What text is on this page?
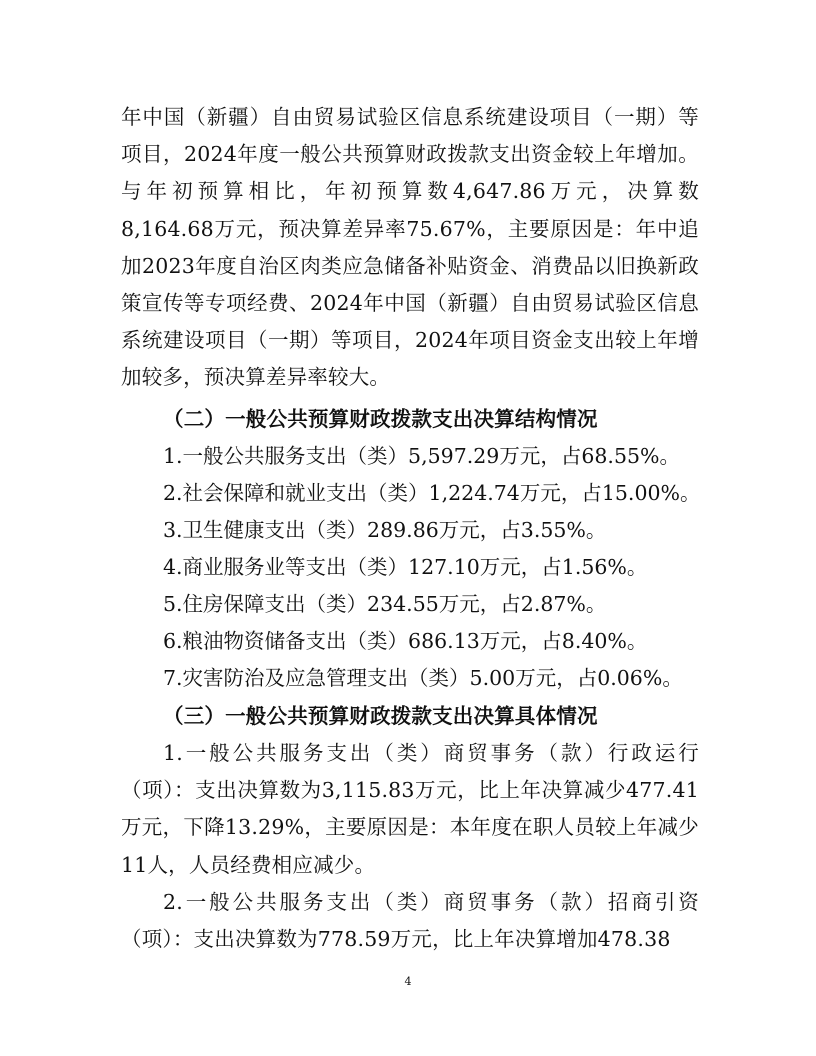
年中国（新疆）自由贸易试验区信息系统建设项目（一期）等项目，2024年度一般公共预算财政拨款支出资金较上年增加。与年初预算相比，年初预算数4,647.86万元，决算数8,164.68万元，预决算差异率75.67%，主要原因是：年中追加2023年度自治区肉类应急储备补贴资金、消费品以旧换新政策宣传等专项经费、2024年中国（新疆）自由贸易试验区信息系统建设项目（一期）等项目，2024年项目资金支出较上年增加较多，预决算差异率较大。

（二）一般公共预算财政拨款支出决算结构情况

1.一般公共服务支出（类）5,597.29万元，占68.55%。
2.社会保障和就业支出（类）1,224.74万元，占15.00%。
3.卫生健康支出（类）289.86万元，占3.55%。
4.商业服务业等支出（类）127.10万元，占1.56%。
5.住房保障支出（类）234.55万元，占2.87%。
6.粮油物资储备支出（类）686.13万元，占8.40%。
7.灾害防治及应急管理支出（类）5.00万元，占0.06%。

（三）一般公共预算财政拨款支出决算具体情况

1.一般公共服务支出（类）商贸事务（款）行政运行（项）：支出决算数为3,115.83万元，比上年决算减少477.41万元，下降13.29%，主要原因是：本年度在职人员较上年减少11人，人员经费相应减少。

2.一般公共服务支出（类）商贸事务（款）招商引资（项）：支出决算数为778.59万元，比上年决算增加478.38

4
